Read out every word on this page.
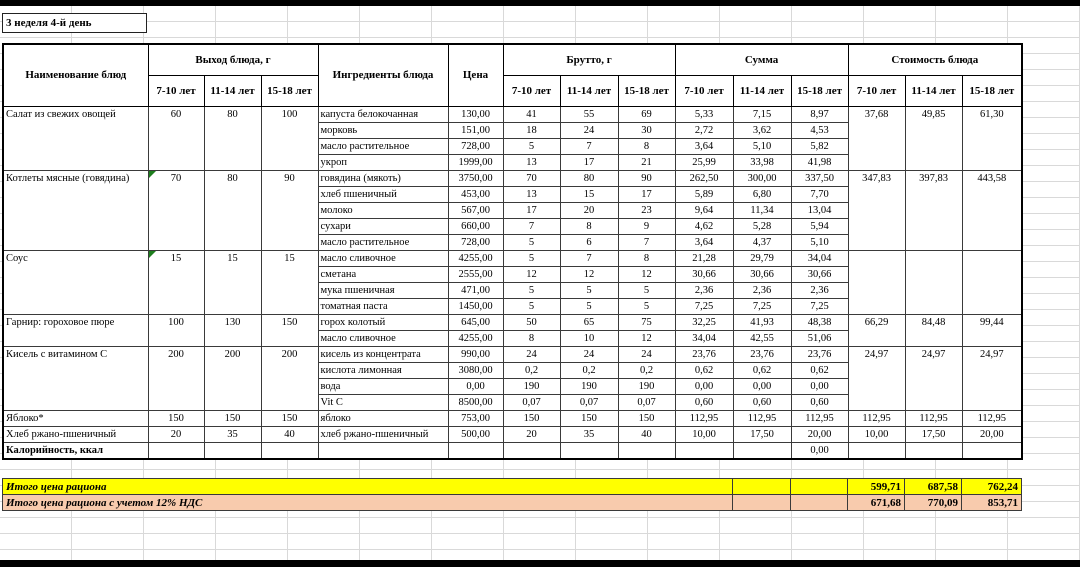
3 неделя 4-й день
Наименование блюд	Выход блюда, г			Ингредиенты блюда	Цена	Брутто, г			Сумма			Стоимость блюда		
	7-10 лет	11-14 лет	15-18 лет			7-10 лет	11-14 лет	15-18 лет	7-10 лет	11-14 лет	15-18 лет	7-10 лет	11-14 лет	15-18 лет
Салат из свежих овощей	60	80	100	капуста белокочанная	130,00	41	55	69	5,33	7,15	8,97	37,68	49,85	61,30
				морковь	151,00	18	24	30	2,72	3,62	4,53			
				масло растительное	728,00	5	7	8	3,64	5,10	5,82			
				укроп	1999,00	13	17	21	25,99	33,98	41,98			
Котлеты мясные (говядина)	70	80	90	говядина (мякоть)	3750,00	70	80	90	262,50	300,00	337,50	347,83	397,83	443,58
				хлеб пшеничный	453,00	13	15	17	5,89	6,80	7,70			
				молоко	567,00	17	20	23	9,64	11,34	13,04			
				сухари	660,00	7	8	9	4,62	5,28	5,94			
				масло растительное	728,00	5	6	7	3,64	4,37	5,10			
Соус	15	15	15	масло сливочное	4255,00	5	7	8	21,28	29,79	34,04			
				сметана	2555,00	12	12	12	30,66	30,66	30,66			
				мука пшеничная	471,00	5	5	5	2,36	2,36	2,36			
				томатная паста	1450,00	5	5	5	7,25	7,25	7,25			
Гарнир: гороховое пюре	100	130	150	горох колотый	645,00	50	65	75	32,25	41,93	48,38	66,29	84,48	99,44
				масло сливочное	4255,00	8	10	12	34,04	42,55	51,06			
Кисель с витамином С	200	200	200	кисель из концентрата	990,00	24	24	24	23,76	23,76	23,76	24,97	24,97	24,97
				кислота лимонная	3080,00	0,2	0,2	0,2	0,62	0,62	0,62			
				вода	0,00	190	190	190	0,00	0,00	0,00			
				Vit C	8500,00	0,07	0,07	0,07	0,60	0,60	0,60			
Яблоко*	150	150	150	яблоко	753,00	150	150	150	112,95	112,95	112,95	112,95	112,95	112,95
Хлеб ржано-пшеничный	20	35	40	хлеб ржано-пшеничный	500,00	20	35	40	10,00	17,50	20,00	10,00	17,50	20,00
Калорийность, ккал											0,00			
Итого цена рациона			599,71	687,58	762,24
Итого цена рациона с учетом 12% НДС			671,68	770,09	853,71
